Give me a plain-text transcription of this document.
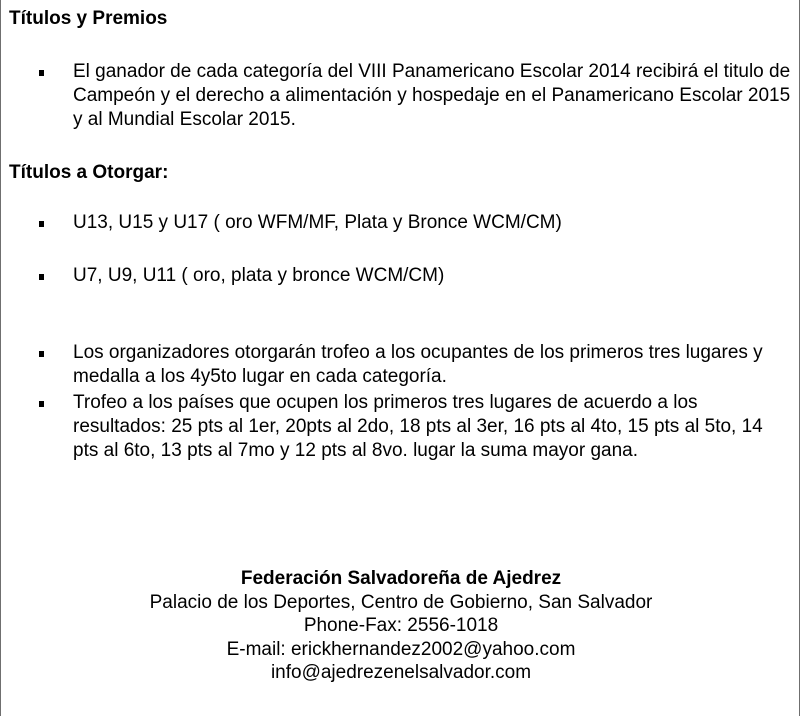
Títulos y Premios
El ganador de cada categoría del VIII Panamericano Escolar 2014 recibirá el titulo de Campeón y el derecho a alimentación y hospedaje en el Panamericano Escolar 2015 y al Mundial Escolar 2015.
Títulos a Otorgar:
U13, U15 y U17 ( oro WFM/MF, Plata y Bronce WCM/CM)
U7, U9, U11 ( oro, plata y bronce WCM/CM)
Los organizadores otorgarán trofeo a los ocupantes de los primeros tres lugares y medalla a los 4y5to lugar en cada categoría.
Trofeo a los países que ocupen los primeros tres lugares de acuerdo a los resultados: 25 pts al 1er, 20pts al 2do, 18 pts al 3er, 16 pts al 4to, 15 pts al 5to, 14 pts al 6to, 13 pts al 7mo y 12 pts al 8vo. lugar la suma mayor gana.
Federación Salvadoreña de Ajedrez
Palacio de los Deportes, Centro de Gobierno, San Salvador
Phone-Fax: 2556-1018
E-mail: erickhernandez2002@yahoo.com
info@ajedrezenelsalvador.com
